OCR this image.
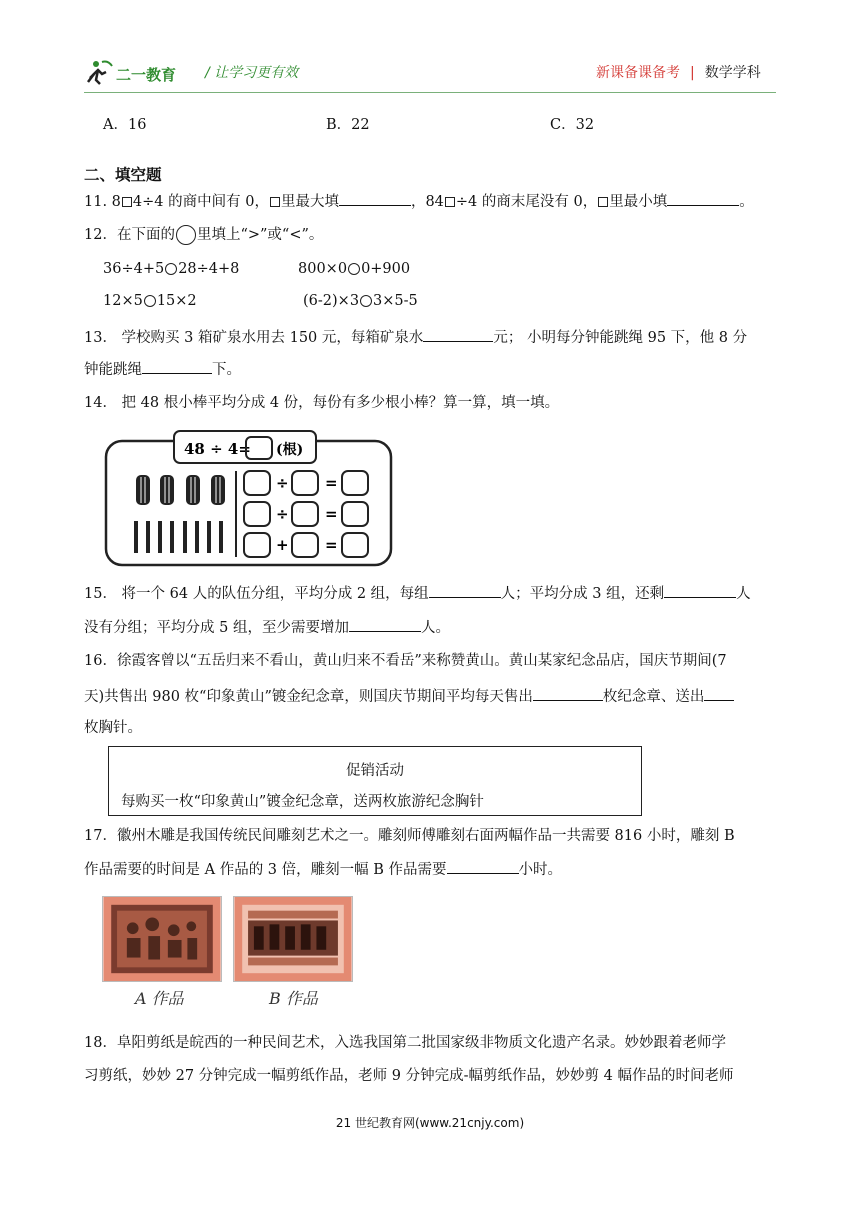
二一教育 / 让学习更有效	新课备课备考 | 数学学科
A．16	B．22	C．32
二、填空题
11. 8 4÷4 的商中间有 0， 里最大填	，84 ÷4 的商末尾没有 0， 里最小填	。
12．在下面的 里填上“>”或“<”。
36÷4+5 28÷4+8	800×0 0+900
12×5 15×2	(6-2)×3 3×5-5
13． 学校购买 3 箱矿泉水用去 150 元，每箱矿泉水	元； 小明每分钟能跳绳 95 下，他 8 分
钟能跳绳	下。
14． 把 48 根小棒平均分成 4 份，每份有多少根小棒？算一算，填一填。
48 ÷ 4= (根)
÷
÷
+
=
=
=
15． 将一个 64 人的队伍分组，平均分成 2 组，每组	人；平均分成 3 组，还剩	人
没有分组；平均分成 5 组，至少需要增加	人。
16．徐霞客曾以“五岳归来不看山，黄山归来不看岳”来称赞黄山。黄山某家纪念品店，国庆节期间(7
天)共售出 980 枚“印象黄山”镀金纪念章，则国庆节期间平均每天售出	枚纪念章、送出
枚胸针。
促销活动
每购买一枚“印象黄山”镀金纪念章，送两枚旅游纪念胸针
17．徽州木雕是我国传统民间雕刻艺术之一。雕刻师傅雕刻右面两幅作品一共需要 816 小时，雕刻 B
作品需要的时间是 A 作品的 3 倍，雕刻一幅 B 作品需要	小时。
A 作品	B 作品
18．阜阳剪纸是皖西的一种民间艺术，入选我国第二批国家级非物质文化遗产名录。妙妙跟着老师学
习剪纸，妙妙 27 分钟完成一幅剪纸作品，老师 9 分钟完成-幅剪纸作品，妙妙剪 4 幅作品的时间老师
21 世纪教育网(www.21cnjy.com)
